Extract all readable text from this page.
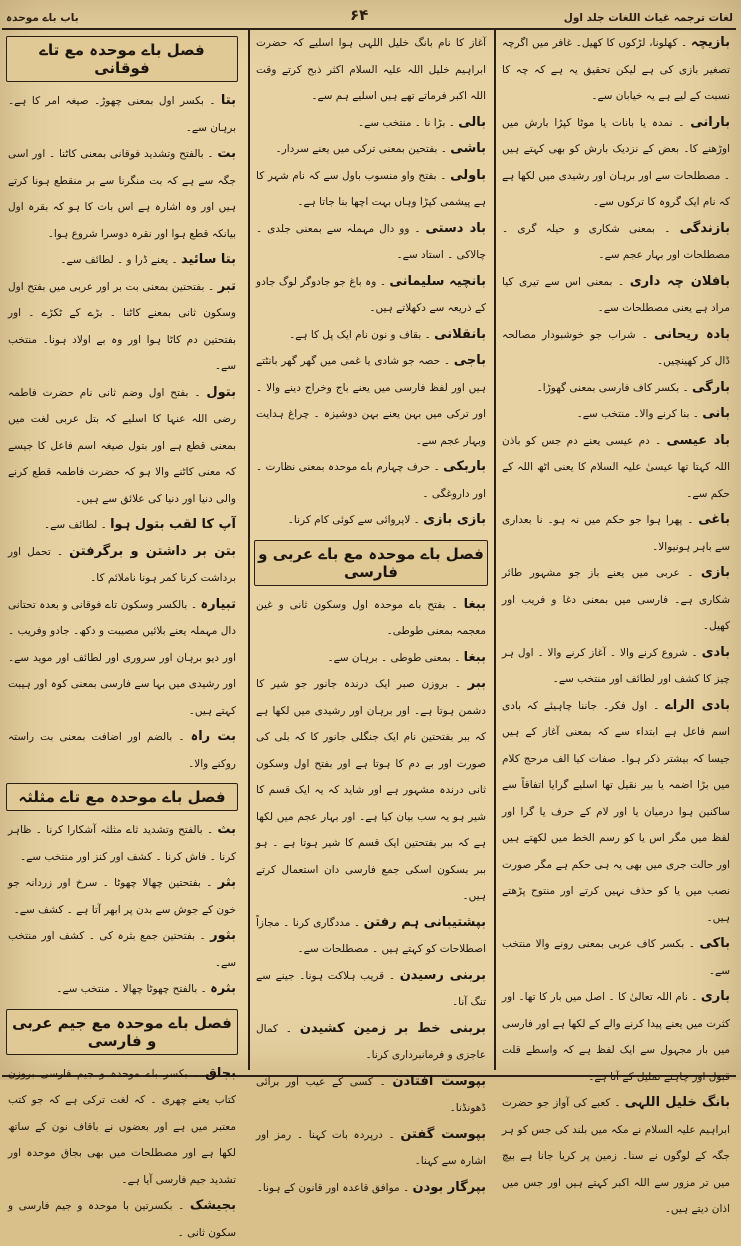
لغات ترجمہ غیاث اللغات جلد اول
۶۴
باب باے موحدہ
بازیچہ ۔ کھلونا، لڑکوں کا کھیل۔ غافر میں اگرچہ تصغیر بازی کی ہے لیکن تحقیق یہ ہے کہ چہ کا نسبت کے لیے ہے یہ خیابان سے۔
بارانی ۔ نمدہ یا بانات یا موٹا کپڑا بارش میں اوڑھنے کا۔ بعض کے نزدیک بارش کو بھی کہتے ہیں ۔ مصطلحات سے اور برہان اور رشیدی میں لکھا ہے کہ نام ایک گروہ کا ترکوں سے۔
بازندگی ۔ بمعنی شکاری و حیلہ گری ۔ مصطلحات اور بہار عجم سے۔
بافلان چہ داری ۔ بمعنی اس سے تیری کیا مراد ہے یعنی مصطلحات سے۔
بادہ ریحانی ۔ شراب جو خوشبودار مصالحہ ڈال کر کھینچیں۔
بارگی ۔ بکسر کاف فارسی بمعنی گھوڑا۔
بانی ۔ بنا کرنے والا۔ منتخب سے۔
باد عیسی ۔ دم عیسی یعنے دم جس کو باذن اللہ کہتا تھا عیسیٰ علیہ السلام کا یعنی اٹھ اللہ کے حکم سے۔
باغی ۔ پھرا ہوا جو حکم میں نہ ہو۔ نا بعداری سے باہر ہونیوالا۔
بازی ۔ عربی میں یعنے باز جو مشہور طائر شکاری ہے۔ فارسی میں بمعنی دغا و فریب اور کھیل۔
بادی ۔ شروع کرنے والا ۔ آغاز کرنے والا ۔ اول ہر چیز کا کشف اور لطائف اور منتخب سے۔
بادی الراے ۔ اول فکر۔ جاننا چاہیئے کہ بادی اسم فاعل ہے ابتداء سے کہ بمعنی آغاز کے ہیں جیسا کہ بیشتر ذکر ہوا۔ صفات کیا الف مرحج کلام میں بڑا اضمہ یا بیر نقیل تھا اسلیے گرایا اتفاقاً سے ساکنین ہوا درمیان یا اور لام کے حرف یا گرا اور لفظ میں مگر اس یا کو رسم الخط میں لکھتے ہیں اور حالت جری میں بھی یہ ہی حکم ہے مگر صورت نصب میں یا کو حذف نہیں کرتے اور منتوح پڑھتے ہیں۔
باکی ۔ بکسر کاف عربی بمعنی رونے والا منتخب سے۔
باری ۔ نام اللہ تعالیٰ کا ۔ اصل میں بار کا تھا۔ اور کثرت میں یعنے پیدا کرنے والے کے لکھا ہے اور فارسی میں بار مجہول سے ایک لفظ ہے کہ واسطے قلت قبول اور چاہنے تملیل کے آتا ہے۔
بانگ خلیل اللہی ۔ کعبے کی آواز جو حضرت ابراہیم علیہ السلام نے مکہ میں بلند کی جس کو ہر جگہ کے لوگوں نے سنا۔ زمین پر کریا جانا ہے بیچ میں تر مزور سے اللہ اکبر کہتے ہیں اور جس میں اذان دیتے ہیں۔
آغاز کا نام بانگ خلیل اللہی ہوا اسلیے کہ حضرت ابراہیم خلیل اللہ علیہ السلام اکثر ذبح کرتے وقت اللہ اکبر فرماتے تھے ہیں اسلیے ہم سے۔
بالی ۔ بڑا نا ۔ منتخب سے۔
باشی ۔ بفتحین بمعنی ترکی میں یعنے سردار۔
باولی ۔ بفتح واو منسوب باول سے کہ نام شہر کا ہے پیشمی کپڑا وہاں بہت اچھا بنا جاتا ہے۔
باد دستی ۔ وو دال مہملہ سے بمعنی جلدی ۔ چالاکی ۔ استاد سے۔
بانچیہ سلیمانی ۔ وہ باغ جو جادوگر لوگ جادو کے ذریعہ سے دکھلاتے ہیں۔
بانقلانی ۔ بقاف و نون نام ایک پل کا ہے۔
باجی ۔ حصہ جو شادی یا غمی میں گھر گھر بانٹتے ہیں اور لفظ فارسی میں یعنے باج وخراج دینے والا ۔ اور ترکی میں بہن یعنے بہن دوشیزہ ۔ چراغ ہدایت وبہار عجم سے۔
باربکی ۔ حرف چہارم باے موحدہ بمعنی نظارت ۔ اور داروغگی ۔
بازی بازی ۔ لاپروائی سے کوئی کام کرنا۔
فصل باے موحدہ مع باے عربی و فارسی
ببغا ۔ بفتح باے موحدہ اول وسکون ثانی و غین معجمہ بمعنی طوطی۔
ببغا ۔ بمعنی طوطی ۔ برہان سے۔
ببر ۔ بروزن صبر ایک درندہ جانور جو شیر کا دشمن ہوتا ہے۔ اور برہان اور رشیدی میں لکھا ہے کہ ببر بفتحتین نام ایک جنگلی جانور کا کہ بلی کی صورت اور بے دم کا ہوتا ہے اور بفتح اول وسکون ثانی درندہ مشہور ہے اور شاید کہ یہ ایک قسم کا شیر ہو یہ سب بیان کیا ہے۔ اور بہار عجم میں لکھا ہے کہ ببر بفتحتین ایک قسم کا شیر ہوتا ہے ۔ ہو ببر بسکون اسکی جمع فارسی دان استعمال کرتے ہیں۔
بپشتیبانی ہم رفتن ۔ مددگاری کرنا ۔ مجازاً اصطلاحات کو کہتے ہیں ۔ مصطلحات سے۔
بربنی رسیدن ۔ قریب ہلاکت ہونا۔ جینے سے تنگ آنا۔
بربنی خط بر زمین کشیدن ۔ کمال عاجزی و فرمانبرداری کرنا۔
بپوست افتادن ۔ کسی کے عیب اور برائی ڈھونڈنا۔
بپوست گفتن ۔ درپردہ بات کہنا ۔ رمز اور اشارہ سے کہنا۔
بپرگار بودن ۔ موافق قاعدہ اور قانون کے ہونا۔
فصل باے موحدہ مع تاے فوقانی
بتا ۔ بکسر اول بمعنی چھوڑ۔ صیغہ امر کا ہے۔ برہان سے۔
بت ۔ بالفتح وتشدید فوقانی بمعنی کاٹنا ۔ اور اسی جگہ سے ہے کہ بت منگرنا سے بر منقطع ہونا کرتے ہیں اور وہ اشارہ ہے اس بات کا ہو کہ بقرہ اول بیانکہ قطع ہوا اور نقرہ دوسرا شروع ہوا۔
بتا سائید ۔ یعنے ڈرا و ۔ لطائف سے۔
تبر ۔ بفتحتین بمعنی بت بر اور عربی میں بفتح اول وسکون ثانی بمعنے کاٹنا ۔ بڑے کے ٹکڑے ۔ اور بفتحتین دم کاٹا ہوا اور وہ بے اولاد ہونا۔ منتخب سے۔
بتول ۔ بفتح اول وضم ثانی نام حضرت فاطمہ رضی اللہ عنہا کا اسلیے کہ بتل عربی لغت میں بمعنی قطع ہے اور بتول صیغہ اسم فاعل کا جیسے کہ معنی کاٹنے والا ہو کہ حضرت فاطمہ قطع کرنے والی دنیا اور دنیا کی علائق سے ہیں۔
آپ کا لقب بتول ہوا ۔ لطائف سے۔
بتن بر داشتن و برگرفتن ۔ تحمل اور برداشت کرنا کمر ہونا ناملائم کا۔
تبیارہ ۔ بالکسر وسکون تاے فوقانی و بعدہ تحتانی دال مہملہ یعنے بلائیں مصیبت و دکھ۔ جادو وفریب ۔ اور دیو برہان اور سروری اور لطائف اور موید سے۔ اور رشیدی میں بہا سے فارسی بمعنی کوہ اور ہیبت کہتے ہیں۔
بت راہ ۔ بالضم اور اضافت بمعنی بت راستہ روکنے والا۔
فصل باے موحدہ مع تاے مثلثہ
بث ۔ بالفتح وتشدید ثاے مثلثہ آشکارا کرنا ۔ ظاہر کرنا ۔ فاش کرنا ۔ کشف اور کنز اور منتخب سے۔
بثر ۔ بفتحتین چھالا چھوٹا ۔ سرخ اور زردانہ جو خون کے جوش سے بدن پر ابھر آتا ہے ۔ کشف سے۔
بثور ۔ بفتحتین جمع بثرہ کی ۔ کشف اور منتخب سے۔
بثرہ ۔ بالفتح چھوٹا چھالا ۔ منتخب سے۔
فصل باے موحدہ مع جیم عربی و فارسی
بجاق ۔ بکسر باے موحدہ و جیم فارسی بروزن کتاب یعنے چھری ۔ کہ لغت ترکی ہے کہ جو کتب معتبر میں ہے اور بعضوں نے باقاف نون کے ساتھ لکھا ہے اور مصطلحات میں بھی بجاق موحدہ اور تشدید جیم فارسی آیا ہے۔
بجیشک ۔ بکسرتین با موحدہ و جیم فارسی و سکون ثانی ۔
